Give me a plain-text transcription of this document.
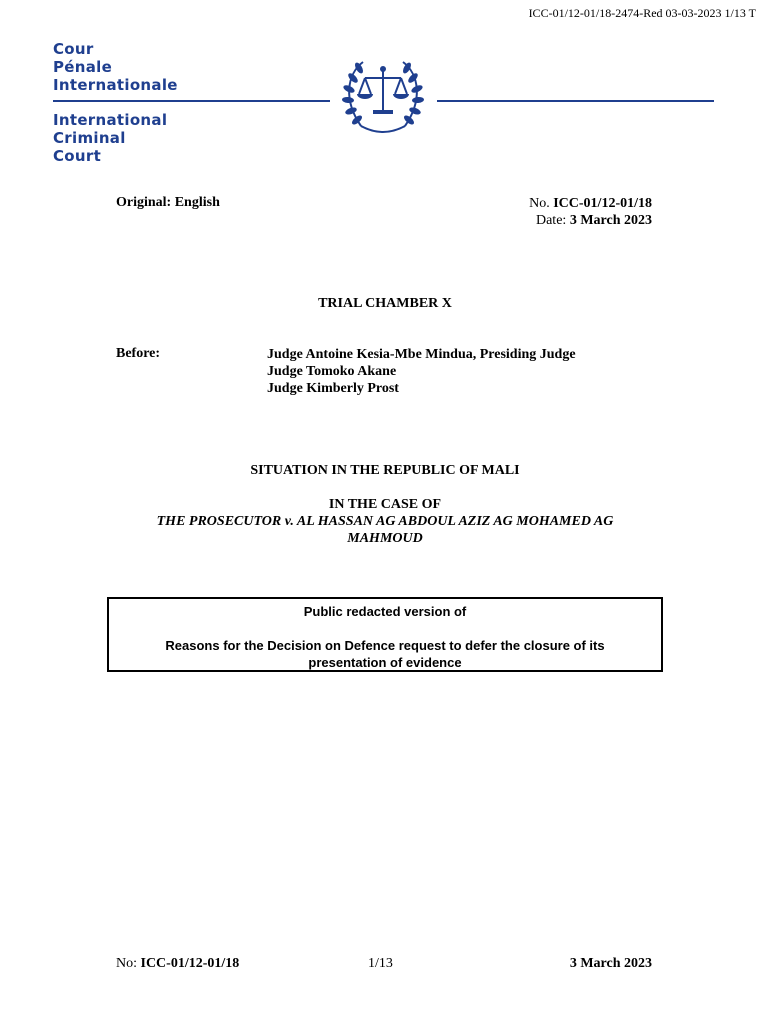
ICC-01/12-01/18-2474-Red 03-03-2023 1/13 T
Cour
Pénale
Internationale
International
Criminal
Court
Original: English	No. ICC-01/12-01/18
Date: 3 March 2023
TRIAL CHAMBER X
Before:	Judge Antoine Kesia-Mbe Mindua, Presiding Judge
Judge Tomoko Akane
Judge Kimberly Prost
SITUATION IN THE REPUBLIC OF MALI
IN THE CASE OF
THE PROSECUTOR v. AL HASSAN AG ABDOUL AZIZ AG MOHAMED AG MAHMOUD
Public redacted version of
Reasons for the Decision on Defence request to defer the closure of its presentation of evidence
No: ICC-01/12-01/18	1/13	3 March 2023
